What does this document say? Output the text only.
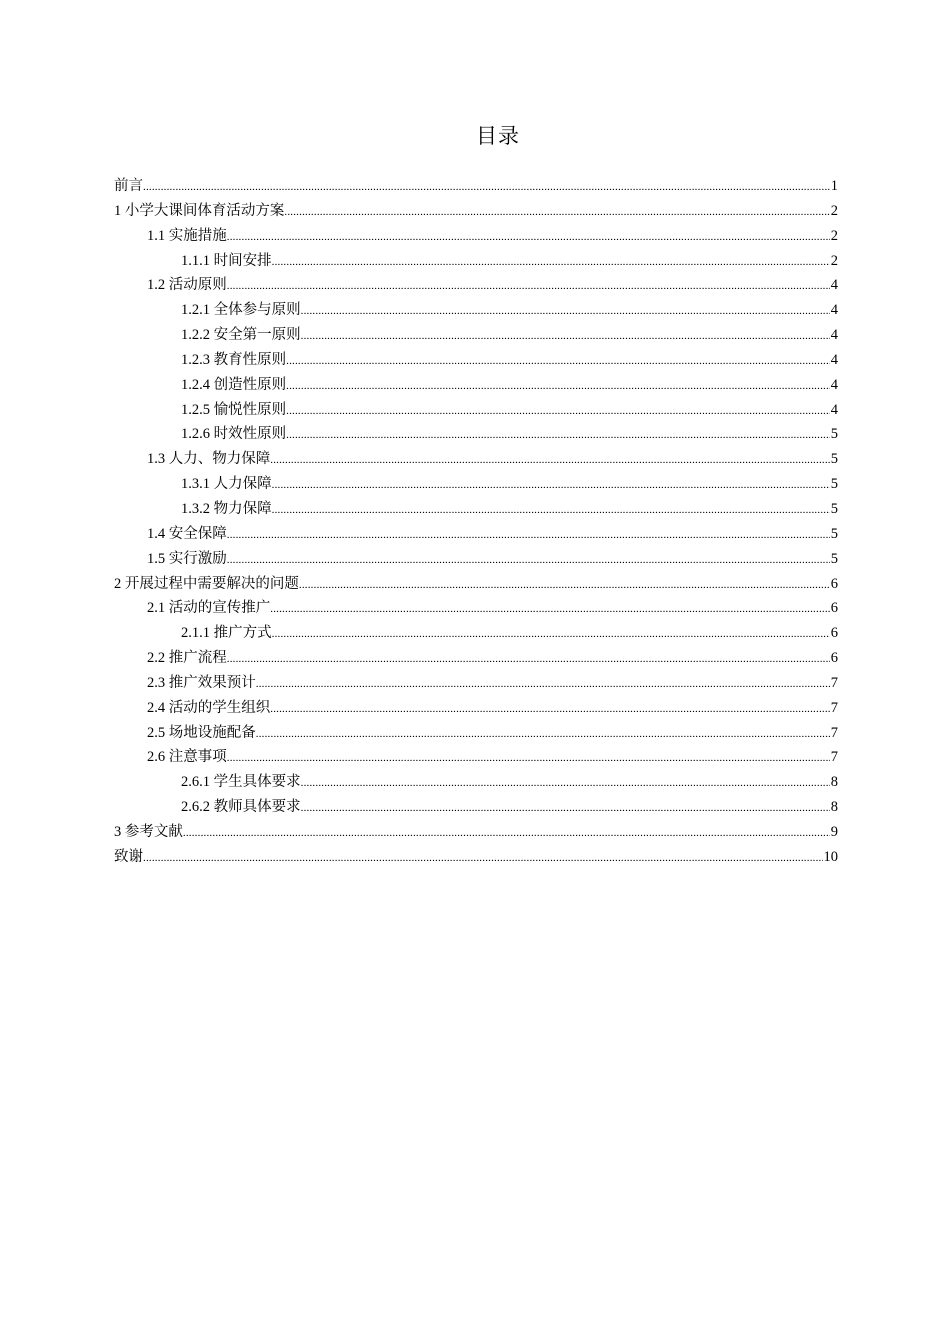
目录
前言 .....	1
1 小学大课间体育活动方案 .....	2
1.1 实施措施 .....	2
1.1.1 时间安排 .....	2
1.2 活动原则 .....	4
1.2.1 全体参与原则 .....	4
1.2.2 安全第一原则 .....	4
1.2.3 教育性原则 .....	4
1.2.4 创造性原则 .....	4
1.2.5 愉悦性原则 .....	4
1.2.6 时效性原则 .....	5
1.3 人力、物力保障 .....	5
1.3.1 人力保障 .....	5
1.3.2 物力保障 .....	5
1.4 安全保障 .....	5
1.5 实行激励 .....	5
2 开展过程中需要解决的问题 .....	6
2.1 活动的宣传推广 .....	6
2.1.1 推广方式 .....	6
2.2 推广流程 .....	6
2.3 推广效果预计 .....	7
2.4 活动的学生组织 .....	7
2.5 场地设施配备 .....	7
2.6 注意事项 .....	7
2.6.1 学生具体要求 .....	8
2.6.2 教师具体要求 .....	8
3 参考文献 .....	9
致谢 .....	10
